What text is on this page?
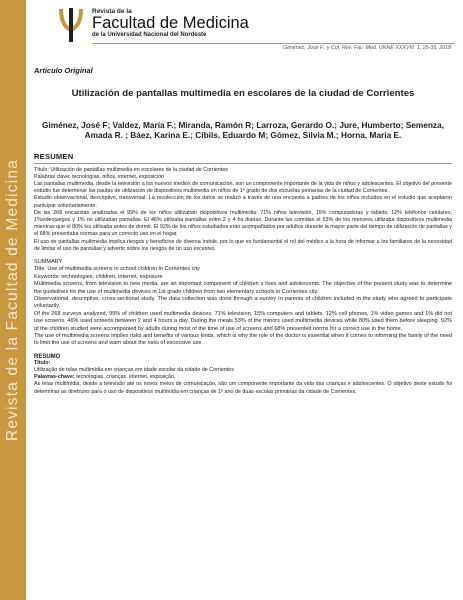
Revista de la Facultad de Medicina
Revista de la
Facultad de Medicina
de la Universidad Nacional del Nordeste
Giménez, José F.; y Col. Rev. Fac. Med. UNNE XXXVIII: 1, 25-35, 2018
Artículo Original
Utilización de pantallas multimedia en escolares de la ciudad de Corrientes
Giménez, José F; Valdez, María F.; Miranda, Ramón R; Larroza, Gerardo O.; Jure, Humberto; Semenza, Amada R. ; Báez, Karina E.; Cibils, Eduardo M; Gómez, Silvia M.; Horna, María E.
RESUMEN

Título: Utilización de pantallas multimedia en escolares de la ciudad de Corrientes

Palabras clave: tecnologías, niños, internet, exposición

Las pantallas multimedia, desde la televisión a los nuevos medios de comunicación, son un componente importante de la vida de niños y adolescentes. El objetivo del presente estudio fue determinar las pautas de utilización de dispositivos multimedia en niños de 1º grado de dos escuelas primarias de la ciudad de Corrientes.

Estudio observacional, descriptivo, transversal. La recolección de los datos se realizó a través de una encuesta a padres de los niños incluidos en el estudio que aceptaron participar voluntariamente.

De las 268 encuestas analizadas el 99% de los niños utilizaban dispositivos multimedia: 71% niños televisión, 15% computadoras y tablets, 12% teléfonos celulares, 1%videojuegos y 1% no utilizaban pantallas. El 46% utilizaba pantallas entre 2 y 4 hs diarias. Durante las comidas el 53% de los menores utilizaba dispositivos multimedia mientras que el 80% los utilizaba antes de dormir. El 92% de los niños estudiados eran acompañados por adultos durante la mayor parte del tiempo de utilización de pantallas y el 68% presentaba normas para un correcto uso en el hogar.

El uso de pantallas multimedia implica riesgos y beneficios de diversa índole, por lo que es fundamental el rol del médico a la hora de informar a los familiares de la necesidad de limitar el uso de pantallas y advertir sobre los riesgos de un uso excesivo.

SUMMARY

Title: Use of multimedia screens in school children in Corrientes city

Keywords: technologies, children, internet, exposure

Multimedia screens, from television to new media, are an important component of children s lives and adolescents. The objective of the present study was to determine the guidelines for the use of multimedia devices in 1st grade children from two elementary schools in Corrientes city.

Observational, descriptive, cross-sectional study. The data collection was done through a survey to parents of children included in the study who agreed to participate voluntarily.

Of the 268 surveys analyzed, 99% of children used multimedia devices: 71% television, 15% computers and tablets, 12% cell phones, 1% video games and 1% did not use screens. 46% used screens between 2 and 4 hours a day. During the meals 53% of the minors used multimedia devices while 80% used them before sleeping. 92% of the children studied were accompanied by adults during most of the time of use of screens and 68% presented norms for a correct use in the home.

The use of multimedia screens implies risks and benefits of various kinds, which is why the role of the doctor is essential when it comes to informing the family of the need to limit the use of screens and warn about the risks of excessive use.

RESUMO

Título:

Utilização de telas multimídia em crianças em idade escolar da cidade de Corrientes

Palavras-chave: tecnologias, crianças, internet, exposição.

As telas multimídia, desde a televisão até os novos meios de comunicação, são um componente importante da vida das crianças e adolescentes. O objetivo deste estudo foi determinar as diretrizes para o uso de dispositivos multimídia em crianças de 1º ano de duas escolas primárias da cidade de Corrientes.
